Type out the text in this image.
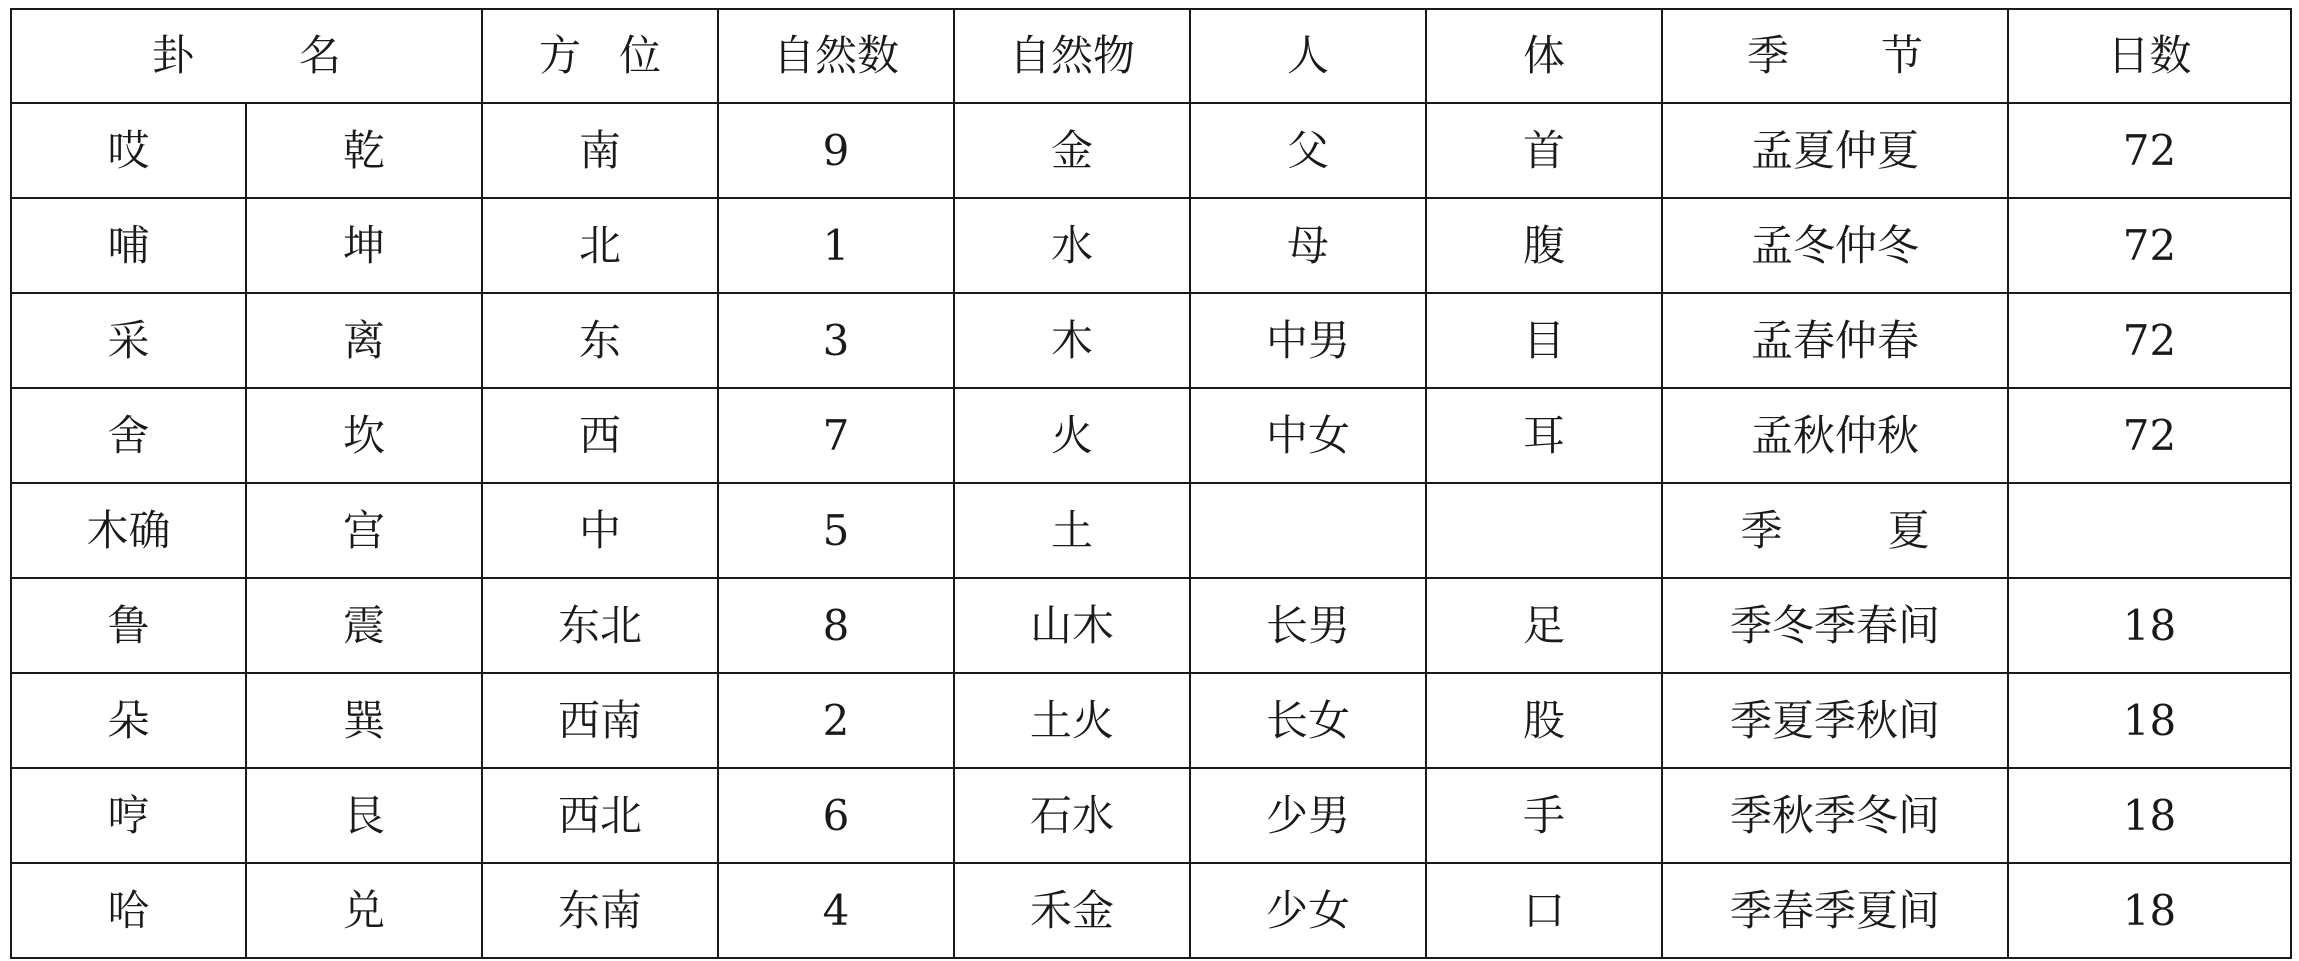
卦 名		方 位	自然数	自然物	人	体	季 节	日数
哎	乾	南	9	金	父	首	孟夏仲夏	72
哺	坤	北	1	水	母	腹	孟冬仲冬	72
采	离	东	3	木	中男	目	孟春仲春	72
舍	坎	西	7	火	中女	耳	孟秋仲秋	72
木确	宫	中	5	土			季 夏	
鲁	震	东北	8	山木	长男	足	季冬季春间	18
朵	巽	西南	2	土火	长女	股	季夏季秋间	18
哼	艮	西北	6	石水	少男	手	季秋季冬间	18
哈	兑	东南	4	禾金	少女	口	季春季夏间	18
